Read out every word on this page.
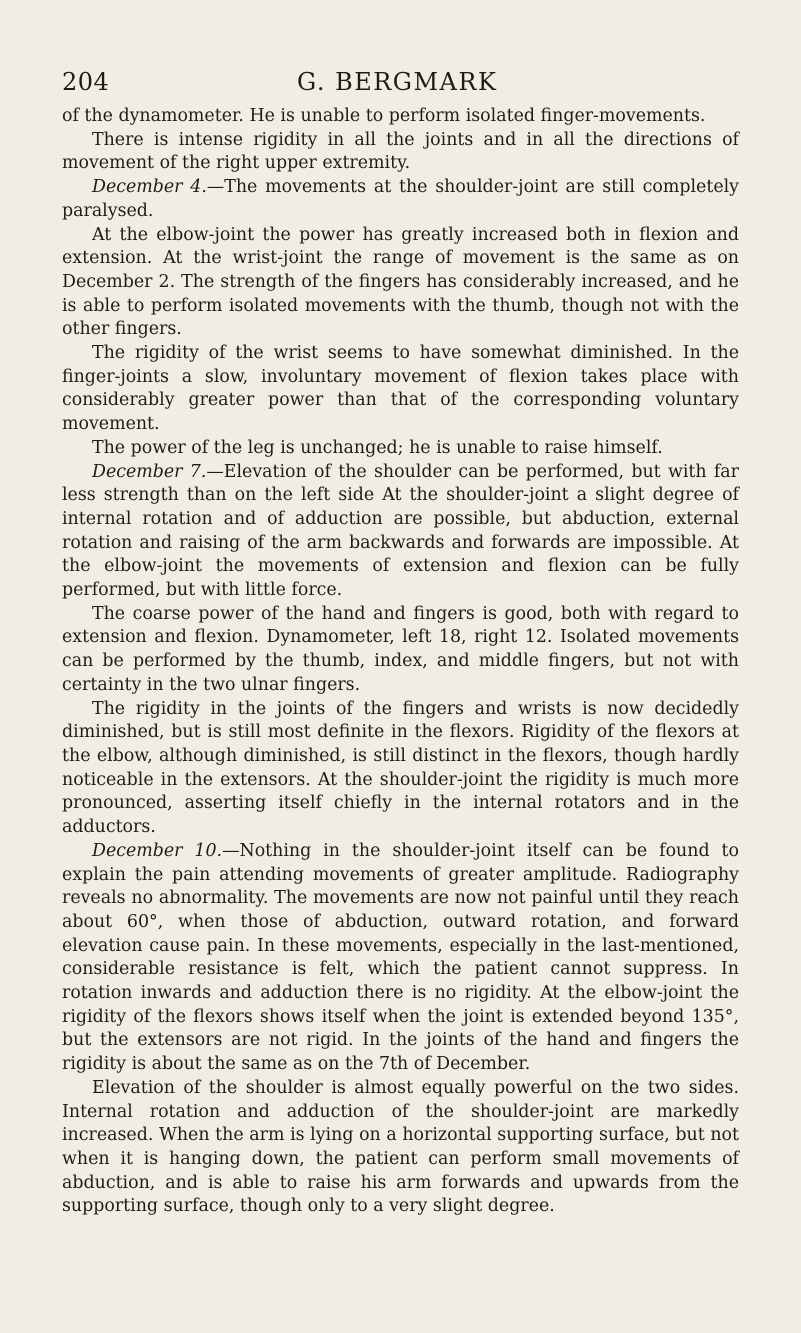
204	G. BERGMARK

of the dynamometer. He is unable to perform isolated finger-movements.

There is intense rigidity in all the joints and in all the directions of movement of the right upper extremity.

December 4.—The movements at the shoulder-joint are still completely paralysed.

At the elbow-joint the power has greatly increased both in flexion and extension. At the wrist-joint the range of movement is the same as on December 2. The strength of the fingers has considerably increased, and he is able to perform isolated movements with the thumb, though not with the other fingers.

The rigidity of the wrist seems to have somewhat diminished. In the finger-joints a slow, involuntary movement of flexion takes place with considerably greater power than that of the corresponding voluntary movement.

The power of the leg is unchanged; he is unable to raise himself.

December 7.—Elevation of the shoulder can be performed, but with far less strength than on the left side At the shoulder-joint a slight degree of internal rotation and of adduction are possible, but abduction, external rotation and raising of the arm backwards and forwards are impossible. At the elbow-joint the movements of extension and flexion can be fully performed, but with little force.

The coarse power of the hand and fingers is good, both with regard to extension and flexion. Dynamometer, left 18, right 12. Isolated movements can be performed by the thumb, index, and middle fingers, but not with certainty in the two ulnar fingers.

The rigidity in the joints of the fingers and wrists is now decidedly diminished, but is still most definite in the flexors. Rigidity of the flexors at the elbow, although diminished, is still distinct in the flexors, though hardly noticeable in the extensors. At the shoulder-joint the rigidity is much more pronounced, asserting itself chiefly in the internal rotators and in the adductors.

December 10.—Nothing in the shoulder-joint itself can be found to explain the pain attending movements of greater amplitude. Radiography reveals no abnormality. The movements are now not painful until they reach about 60°, when those of abduction, outward rotation, and forward elevation cause pain. In these movements, especially in the last-mentioned, considerable resistance is felt, which the patient cannot suppress. In rotation inwards and adduction there is no rigidity. At the elbow-joint the rigidity of the flexors shows itself when the joint is extended beyond 135°, but the extensors are not rigid. In the joints of the hand and fingers the rigidity is about the same as on the 7th of December.

Elevation of the shoulder is almost equally powerful on the two sides. Internal rotation and adduction of the shoulder-joint are markedly increased. When the arm is lying on a horizontal supporting surface, but not when it is hanging down, the patient can perform small movements of abduction, and is able to raise his arm forwards and upwards from the supporting surface, though only to a very slight degree.
